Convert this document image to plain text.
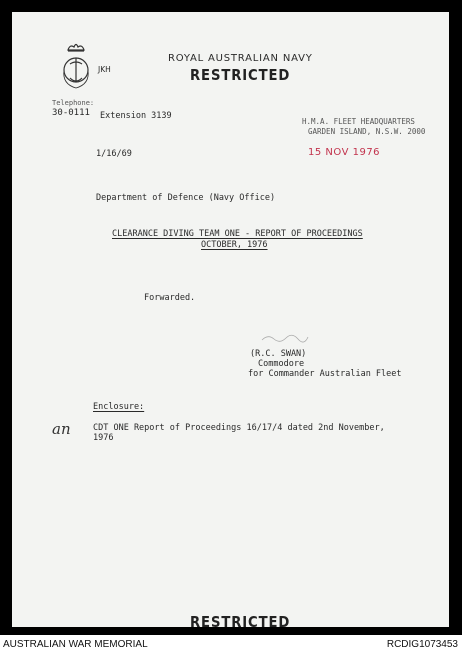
JKH
ROYAL AUSTRALIAN NAVY
RESTRICTED
Telephone:
30-0111 Extension 3139
H.M.A. FLEET HEADQUARTERS
GARDEN ISLAND, N.S.W. 2000
1/16/69	15 NOV 1976
Department of Defence (Navy Office)
CLEARANCE DIVING TEAM ONE - REPORT OF PROCEEDINGS
OCTOBER, 1976
Forwarded.
(R.C. SWAN)
Commodore
for Commander Australian Fleet
Enclosure:
an	CDT ONE Report of Proceedings 16/17/4 dated 2nd November,
1976
RESTRICTED
AUSTRALIAN WAR MEMORIAL	RCDIG1073453
